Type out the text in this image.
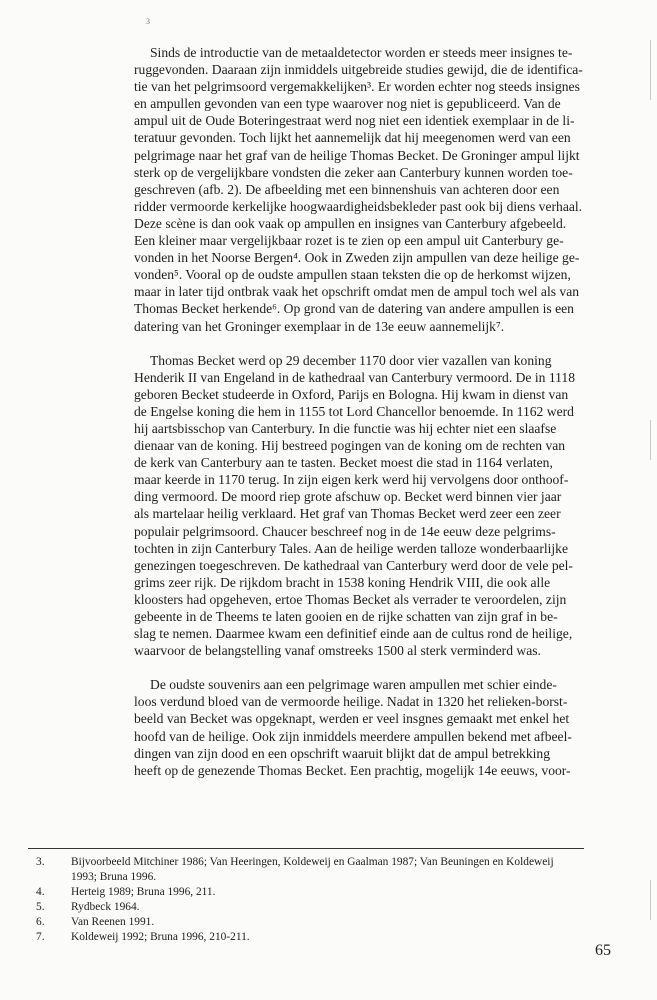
3

Sinds de introductie van de metaaldetector worden er steeds meer insignes te-

ruggevonden. Daaraan zijn inmiddels uitgebreide studies gewijd, die de identifica-

tie van het pelgrimsoord vergemakkelijken³. Er worden echter nog steeds insignes

en ampullen gevonden van een type waarover nog niet is gepubliceerd. Van de

ampul uit de Oude Boteringestraat werd nog niet een identiek exemplaar in de li-

teratuur gevonden. Toch lijkt het aannemelijk dat hij meegenomen werd van een

pelgrimage naar het graf van de heilige Thomas Becket. De Groninger ampul lijkt

sterk op de vergelijkbare vondsten die zeker aan Canterbury kunnen worden toe-

geschreven (afb. 2). De afbeelding met een binnenshuis van achteren door een

ridder vermoorde kerkelijke hoogwaardigheidsbekleder past ook bij diens verhaal.

Deze scène is dan ook vaak op ampullen en insignes van Canterbury afgebeeld.

Een kleiner maar vergelijkbaar rozet is te zien op een ampul uit Canterbury ge-

vonden in het Noorse Bergen⁴. Ook in Zweden zijn ampullen van deze heilige ge-

vonden⁵. Vooral op de oudste ampullen staan teksten die op de herkomst wijzen,

maar in later tijd ontbrak vaak het opschrift omdat men de ampul toch wel als van

Thomas Becket herkende⁶. Op grond van de datering van andere ampullen is een

datering van het Groninger exemplaar in de 13e eeuw aannemelijk⁷.

Thomas Becket werd op 29 december 1170 door vier vazallen van koning

Henderik II van Engeland in de kathedraal van Canterbury vermoord. De in 1118

geboren Becket studeerde in Oxford, Parijs en Bologna. Hij kwam in dienst van

de Engelse koning die hem in 1155 tot Lord Chancellor benoemde. In 1162 werd

hij aartsbisschop van Canterbury. In die functie was hij echter niet een slaafse

dienaar van de koning. Hij bestreed pogingen van de koning om de rechten van

de kerk van Canterbury aan te tasten. Becket moest die stad in 1164 verlaten,

maar keerde in 1170 terug. In zijn eigen kerk werd hij vervolgens door onthoof-

ding vermoord. De moord riep grote afschuw op. Becket werd binnen vier jaar

als martelaar heilig verklaard. Het graf van Thomas Becket werd zeer een zeer

populair pelgrimsoord. Chaucer beschreef nog in de 14e eeuw deze pelgrims-

tochten in zijn Canterbury Tales. Aan de heilige werden talloze wonderbaarlijke

genezingen toegeschreven. De kathedraal van Canterbury werd door de vele pel-

grims zeer rijk. De rijkdom bracht in 1538 koning Hendrik VIII, die ook alle

kloosters had opgeheven, ertoe Thomas Becket als verrader te veroordelen, zijn

gebeente in de Theems te laten gooien en de rijke schatten van zijn graf in be-

slag te nemen. Daarmee kwam een definitief einde aan de cultus rond de heilige,

waarvoor de belangstelling vanaf omstreeks 1500 al sterk verminderd was.

De oudste souvenirs aan een pelgrimage waren ampullen met schier einde-

loos verdund bloed van de vermoorde heilige. Nadat in 1320 het relieken-borst-

beeld van Becket was opgeknapt, werden er veel insgnes gemaakt met enkel het

hoofd van de heilige. Ook zijn inmiddels meerdere ampullen bekend met afbeel-

dingen van zijn dood en een opschrift waaruit blijkt dat de ampul betrekking

heeft op de genezende Thomas Becket. Een prachtig, mogelijk 14e eeuws, voor-

3.	Bijvoorbeeld Mitchiner 1986; Van Heeringen, Koldeweij en Gaalman 1987; Van Beuningen en Koldeweij
1993; Bruna 1996.
4.	Herteig 1989; Bruna 1996, 211.
5.	Rydbeck 1964.
6.	Van Reenen 1991.
7.	Koldeweij 1992; Bruna 1996, 210-211.
65
